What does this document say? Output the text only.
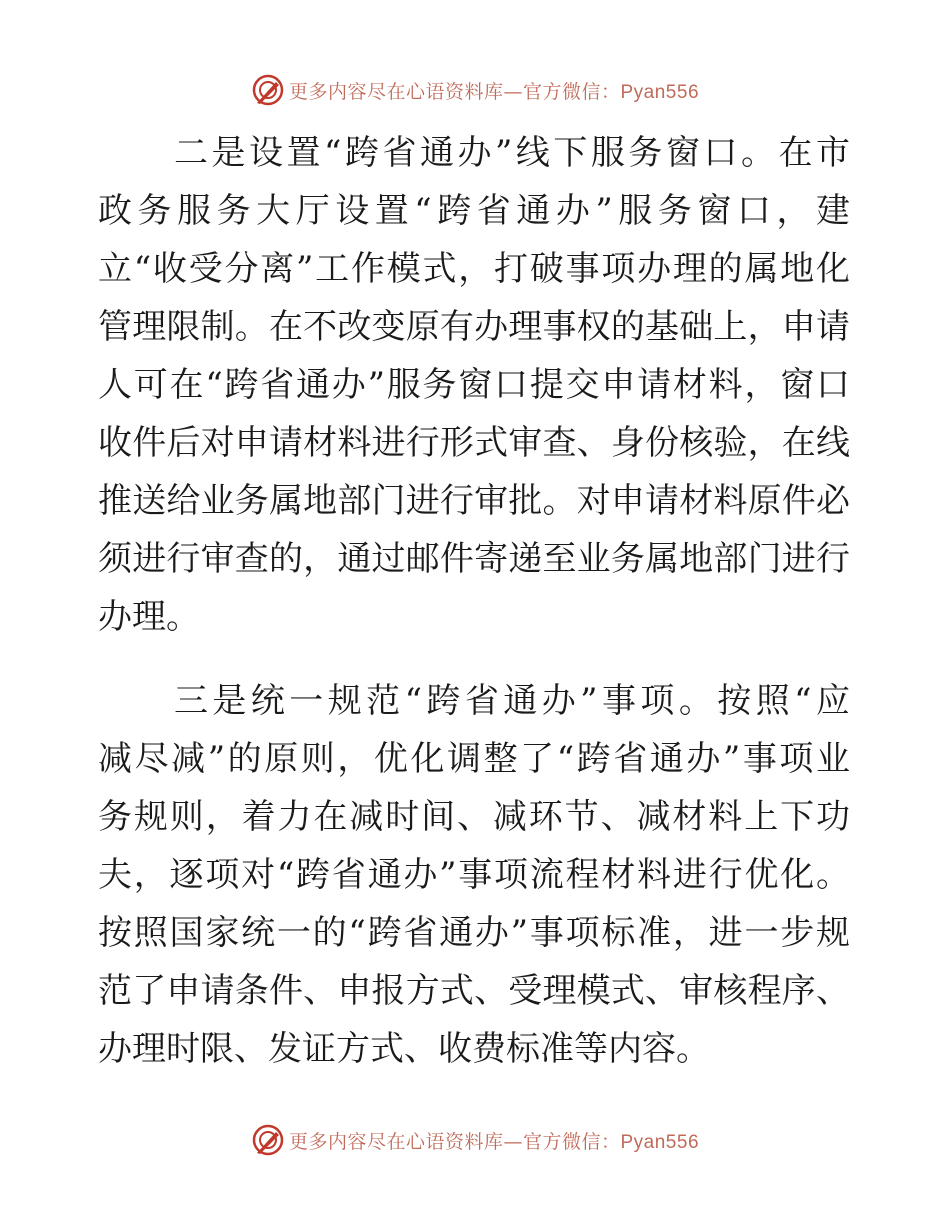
更多内容尽在心语资料库—官方微信：Pyan556
二是设置“跨省通办”线下服务窗口。在市
政务服务大厅设置“跨省通办”服务窗口，建
立“收受分离”工作模式，打破事项办理的属地化
管理限制。在不改变原有办理事权的基础上，申请
人可在“跨省通办”服务窗口提交申请材料，窗口
收件后对申请材料进行形式审查、身份核验，在线
推送给业务属地部门进行审批。对申请材料原件必
须进行审查的，通过邮件寄递至业务属地部门进行
办理。
三是统一规范“跨省通办”事项。按照“应
减尽减”的原则，优化调整了“跨省通办”事项业
务规则，着力在减时间、减环节、减材料上下功
夫，逐项对“跨省通办”事项流程材料进行优化。
按照国家统一的“跨省通办”事项标准，进一步规
范了申请条件、申报方式、受理模式、审核程序、
办理时限、发证方式、收费标准等内容。
更多内容尽在心语资料库—官方微信：Pyan556
